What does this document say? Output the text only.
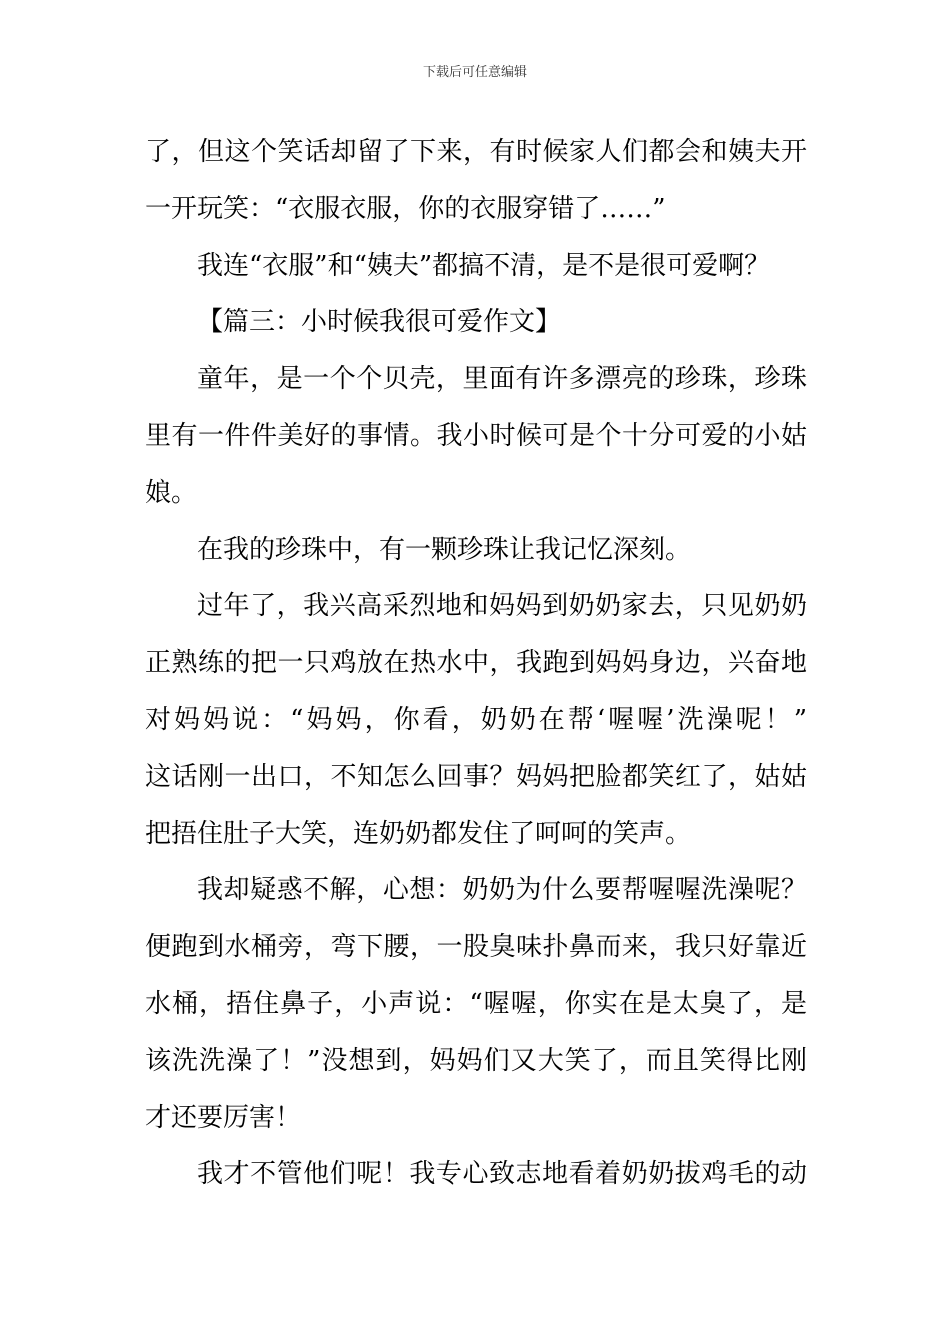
下载后可任意编辑
了，但这个笑话却留了下来，有时候家人们都会和姨夫开
一开玩笑：“衣服衣服，你的衣服穿错了……”
我连“衣服”和“姨夫”都搞不清，是不是很可爱啊？
【篇三：小时候我很可爱作文】
童年，是一个个贝壳，里面有许多漂亮的珍珠，珍珠
里有一件件美好的事情。我小时候可是个十分可爱的小姑
娘。
在我的珍珠中，有一颗珍珠让我记忆深刻。
过年了，我兴高采烈地和妈妈到奶奶家去，只见奶奶
正熟练的把一只鸡放在热水中，我跑到妈妈身边，兴奋地
对妈妈说：“妈妈，你看，奶奶在帮‘喔喔’洗澡呢！”
这话刚一出口，不知怎么回事？妈妈把脸都笑红了，姑姑
把捂住肚子大笑，连奶奶都发住了呵呵的笑声。
我却疑惑不解，心想：奶奶为什么要帮喔喔洗澡呢？
便跑到水桶旁，弯下腰，一股臭味扑鼻而来，我只好靠近
水桶，捂住鼻子，小声说：“喔喔，你实在是太臭了，是
该洗洗澡了！”没想到，妈妈们又大笑了，而且笑得比刚
才还要厉害！
我才不管他们呢！我专心致志地看着奶奶拔鸡毛的动
